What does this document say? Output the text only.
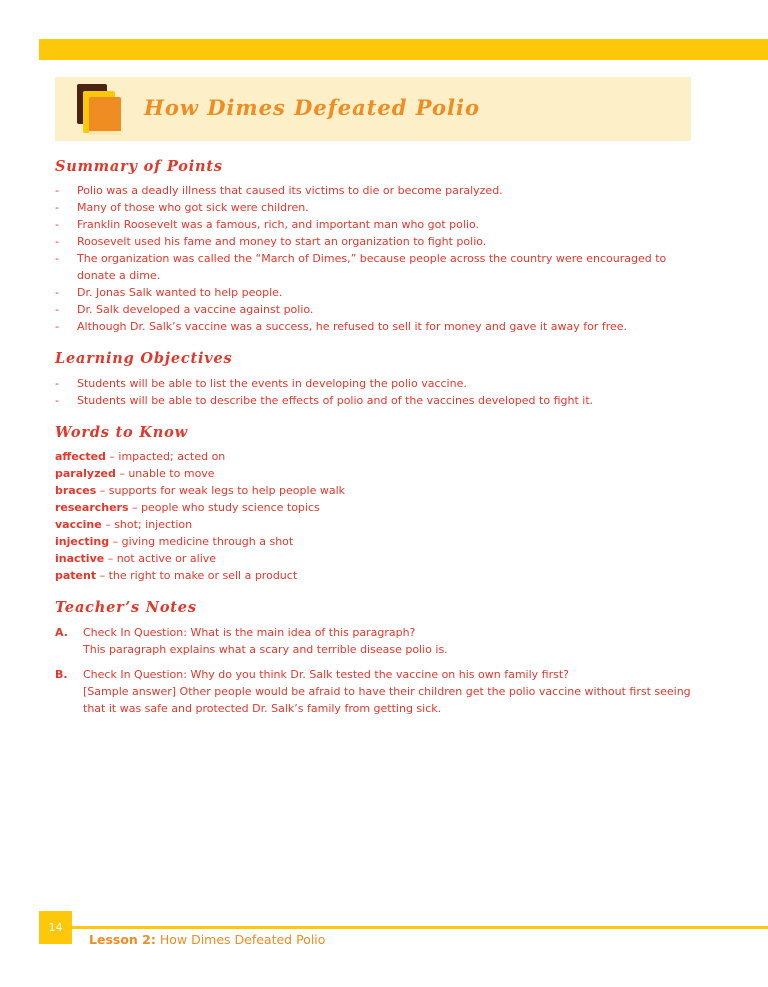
How Dimes Defeated Polio
Summary of Points
- Polio was a deadly illness that caused its victims to die or become paralyzed.
- Many of those who got sick were children.
- Franklin Roosevelt was a famous, rich, and important man who got polio.
- Roosevelt used his fame and money to start an organization to fight polio.
- The organization was called the “March of Dimes,” because people across the country were encouraged to donate a dime.
- Dr. Jonas Salk wanted to help people.
- Dr. Salk developed a vaccine against polio.
- Although Dr. Salk’s vaccine was a success, he refused to sell it for money and gave it away for free.
Learning Objectives
- Students will be able to list the events in developing the polio vaccine.
- Students will be able to describe the effects of polio and of the vaccines developed to fight it.
Words to Know
affected – impacted; acted on
paralyzed – unable to move
braces – supports for weak legs to help people walk
researchers – people who study science topics
vaccine – shot; injection
injecting – giving medicine through a shot
inactive – not active or alive
patent – the right to make or sell a product
Teacher’s Notes
A. Check In Question: What is the main idea of this paragraph?
This paragraph explains what a scary and terrible disease polio is.
B. Check In Question: Why do you think Dr. Salk tested the vaccine on his own family first?
[Sample answer] Other people would be afraid to have their children get the polio vaccine without first seeing that it was safe and protected Dr. Salk’s family from getting sick.
14
Lesson 2: How Dimes Defeated Polio
